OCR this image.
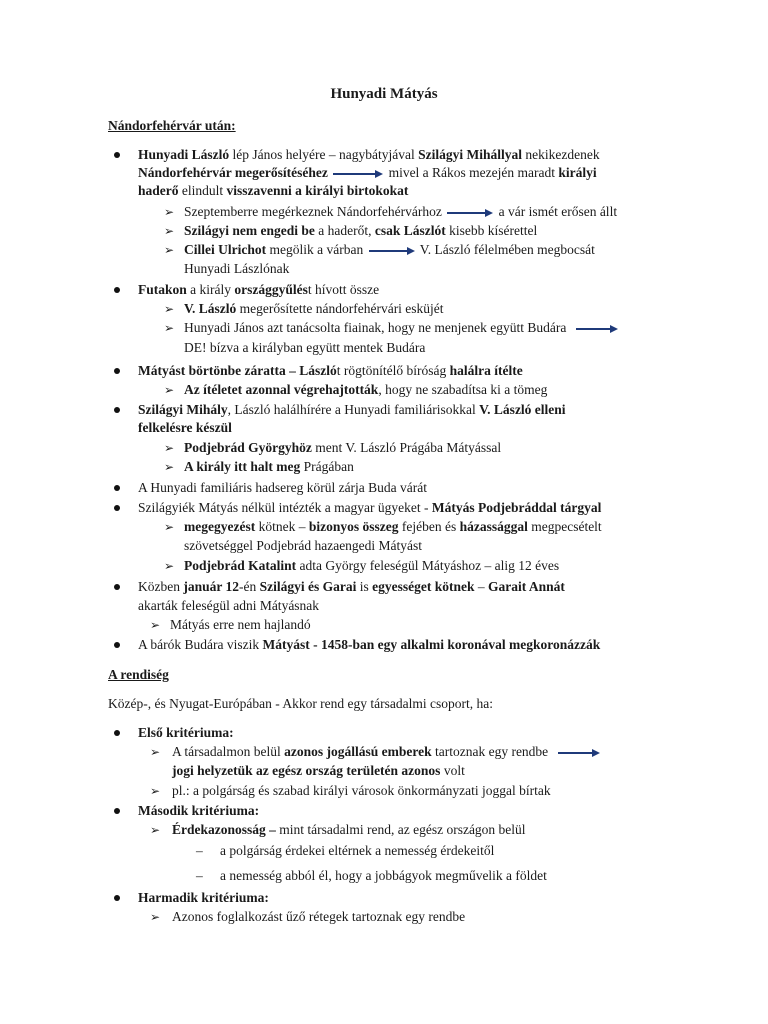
Hunyadi Mátyás
Nándorfehérvár után:
Hunyadi László lép János helyére – nagybátyjával Szilágyi Mihállyal nekikezdenek
Nándorfehérvár megerősítéséhez	mivel a Rákos mezején maradt királyi
haderő elindult visszavenni a királyi birtokokat
➢ Szeptemberre megérkeznek Nándorfehérvárhoz	a vár ismét erősen állt
➢ Szilágyi nem engedi be a haderőt, csak Lászlót kisebb kísérettel
➢ Cillei Ulrichot megölik a várban	V. László félelmében megbocsát
Hunyadi Lászlónak
Futakon a király országgyűlést hívott össze
➢ V. László megerősítette nándorfehérvári esküjét
➢ Hunyadi János azt tanácsolta fiainak, hogy ne menjenek együtt Budára
DE! bízva a királyban együtt mentek Budára
Mátyást börtönbe záratta – Lászlót rögtönítélő bíróság halálra ítélte
➢ Az ítéletet azonnal végrehajtották, hogy ne szabadítsa ki a tömeg
Szilágyi Mihály, László halálhírére a Hunyadi familiárisokkal V. László elleni
felkelésre készül
➢ Podjebrád Györgyhöz ment V. László Prágába Mátyással
➢ A király itt halt meg Prágában
A Hunyadi familiáris hadsereg körül zárja Buda várát
Szilágyiék Mátyás nélkül intézték a magyar ügyeket - Mátyás Podjebráddal tárgyal
➢ megegyezést kötnek – bizonyos összeg fejében és házassággal megpecsételt
szövetséggel Podjebrád hazaengedi Mátyást
➢ Podjebrád Katalint adta György feleségül Mátyáshoz – alig 12 éves
Közben január 12-én Szilágyi és Garai is egyességet kötnek – Garait Annát
akarták feleségül adni Mátyásnak
➢ Mátyás erre nem hajlandó
A bárók Budára viszik Mátyást - 1458-ban egy alkalmi koronával megkoronázzák
A rendiség
Közép-, és Nyugat-Európában - Akkor rend egy társadalmi csoport, ha:
Első kritériuma:
➢ A társadalmon belül azonos jogállású emberek tartoznak egy rendbe
jogi helyzetük az egész ország területén azonos volt
➢ pl.: a polgárság és szabad királyi városok önkormányzati joggal bírtak
Második kritériuma:
➢ Érdekazonosság – mint társadalmi rend, az egész országon belül
– a polgárság érdekei eltérnek a nemesség érdekeitől
– a nemesség abból él, hogy a jobbágyok megművelik a földet
Harmadik kritériuma:
➢ Azonos foglalkozást űző rétegek tartoznak egy rendbe
